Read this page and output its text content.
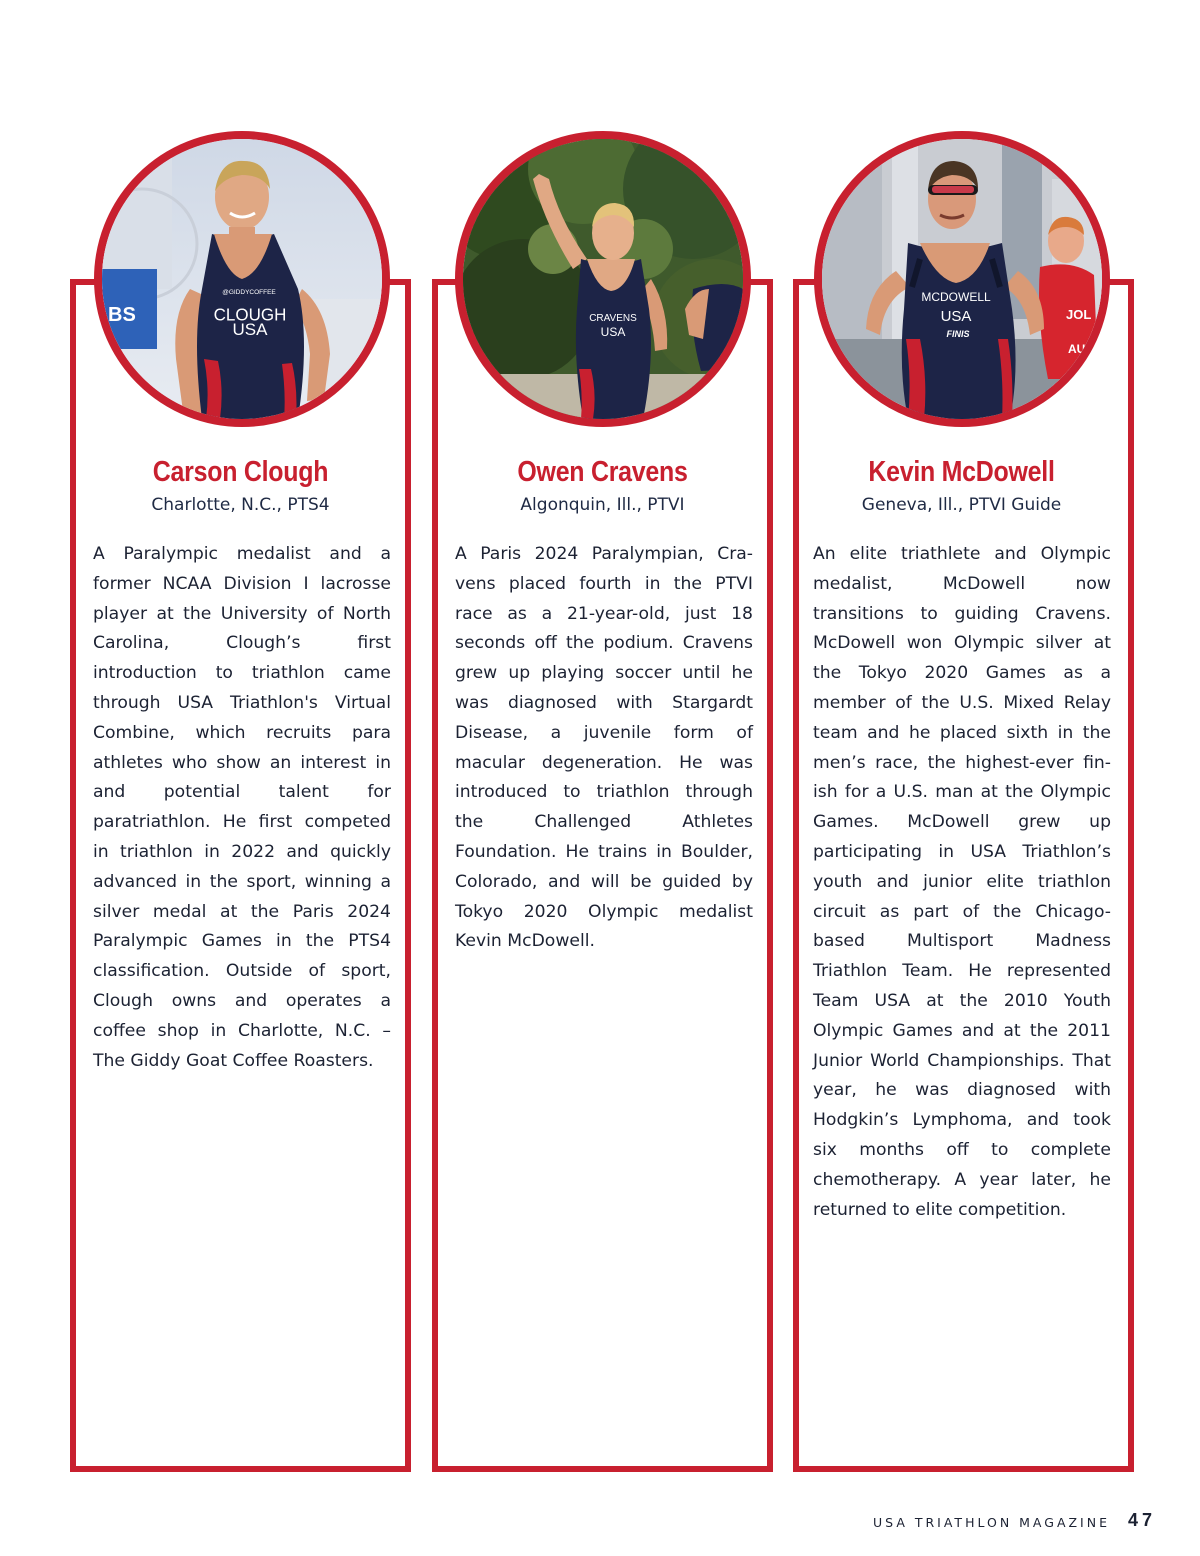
BS
@GIDDYCOFFEE
CLOUGH
USA
CRAVENS
USA
JOL
AUT
MCDOWELL
USA
FINIS
Carson Clough	Owen Cravens	Kevin McDowell
Charlotte, N.C., PTS4	Algonquin, Ill., PTVI	Geneva, Ill., PTVI Guide

A Paralympic medalist and a former NCAA Division I lacrosse player at the University of North Carolina, Clough’s first introduction to triathlon came through USA Triathlon's Virtual Combine, which recruits para athletes who show an interest in and potential talent for paratriathlon. He first competed in triathlon in 2022 and quickly advanced in the sport, winning a silver medal at the Paris 2024 Paralympic Games in the PTS4 classification. Outside of sport, Clough owns and operates a coffee shop in Charlotte, N.C. –The Giddy Goat Coffee Roasters.

A Paris 2024 Paralympian, Cravens placed fourth in the PTVI race as a 21-year-old, just 18 seconds off the podium. Cravens grew up playing soccer until he was diagnosed with Stargardt Disease, a juvenile form of macular degeneration. He was introduced to triathlon through the Challenged Athletes Foundation. He trains in Boulder, Colorado, and will be guided by Tokyo 2020 Olympic medalist Kevin McDowell.

An elite triathlete and Olympic medalist, McDowell now transitions to guiding Cravens. McDowell won Olympic silver at the Tokyo 2020 Games as a member of the U.S. Mixed Relay team and he placed sixth in the men’s race, the highest-ever finish for a U.S. man at the Olympic Games. McDowell grew up participating in USA Triathlon’s youth and junior elite triathlon circuit as part of the Chicago-based Multisport Madness Triathlon Team. He represented Team USA at the 2010 Youth Olympic Games and at the 2011 Junior World Championships. That year, he was diagnosed with Hodgkin’s Lymphoma, and took six months off to complete chemotherapy. A year later, he returned to elite competition.

USA TRIATHLON MAGAZINE 47
